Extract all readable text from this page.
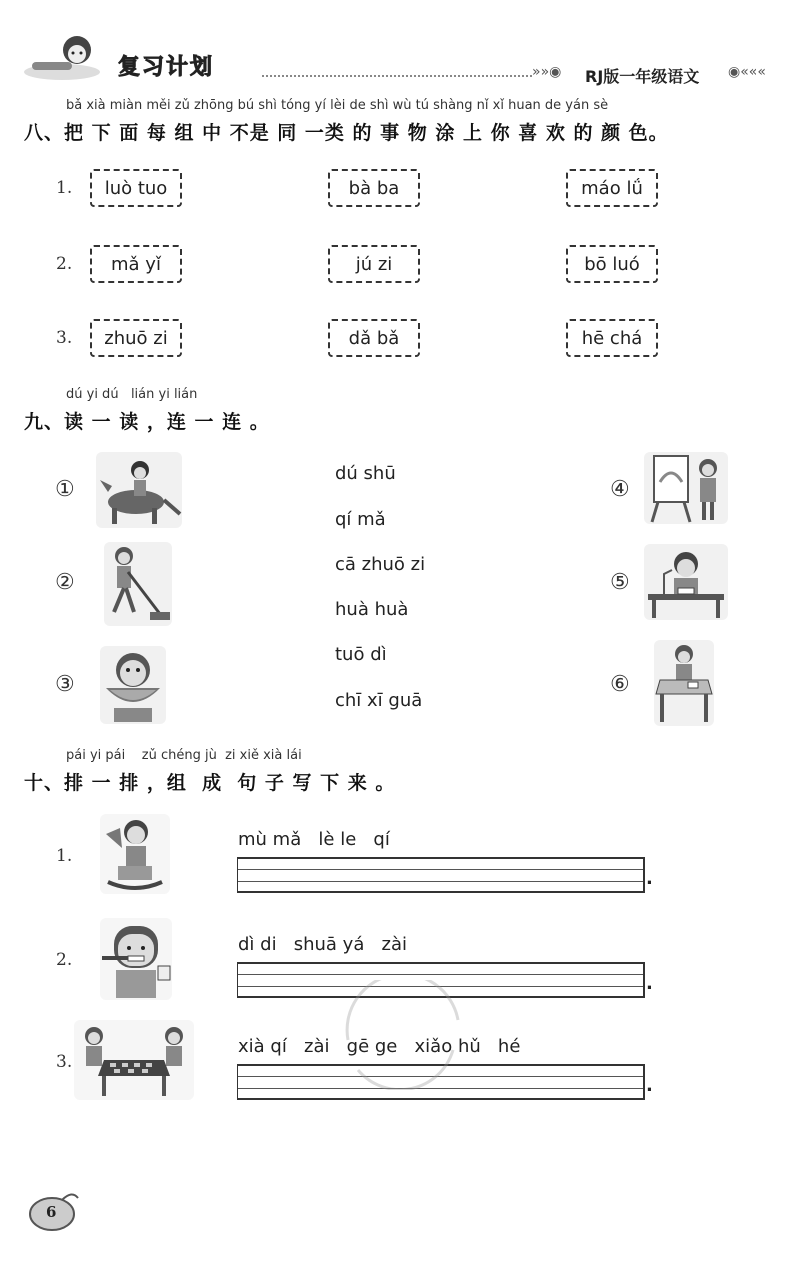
复习计划	»»◉ RJ版一年级语文 ◉«««
bǎ xià miàn měi zǔ zhōng bú shì tóng yí lèi de shì wù tú shàng nǐ xǐ huan de yán sè
八、把 下 面 每 组 中 不是 同 一类 的 事 物 涂 上 你 喜 欢 的 颜 色。
1.	luò tuo	bà ba	máo lǘ
2.	mǎ yǐ	jú zi	bō luó
3.	zhuō zi	dǎ bǎ	hē chá
dú yi dú   lián yi lián
九、读 一 读 ，连 一 连 。
①
②
③
dú shū
qí mǎ
cā zhuō zi
huà huà
tuō dì
chī xī guā
④
⑤
⑥
pái yi pái    zǔ chéng jù  zi xiě xià lái
十、排 一 排 ，组  成  句 子 写 下 来 。
1.
mù mǎ   lè le   qí
.
2.
dì di   shuā yá   zài
.
3.
xià qí   zài   gē ge   xiǎo hǔ   hé
.
6
